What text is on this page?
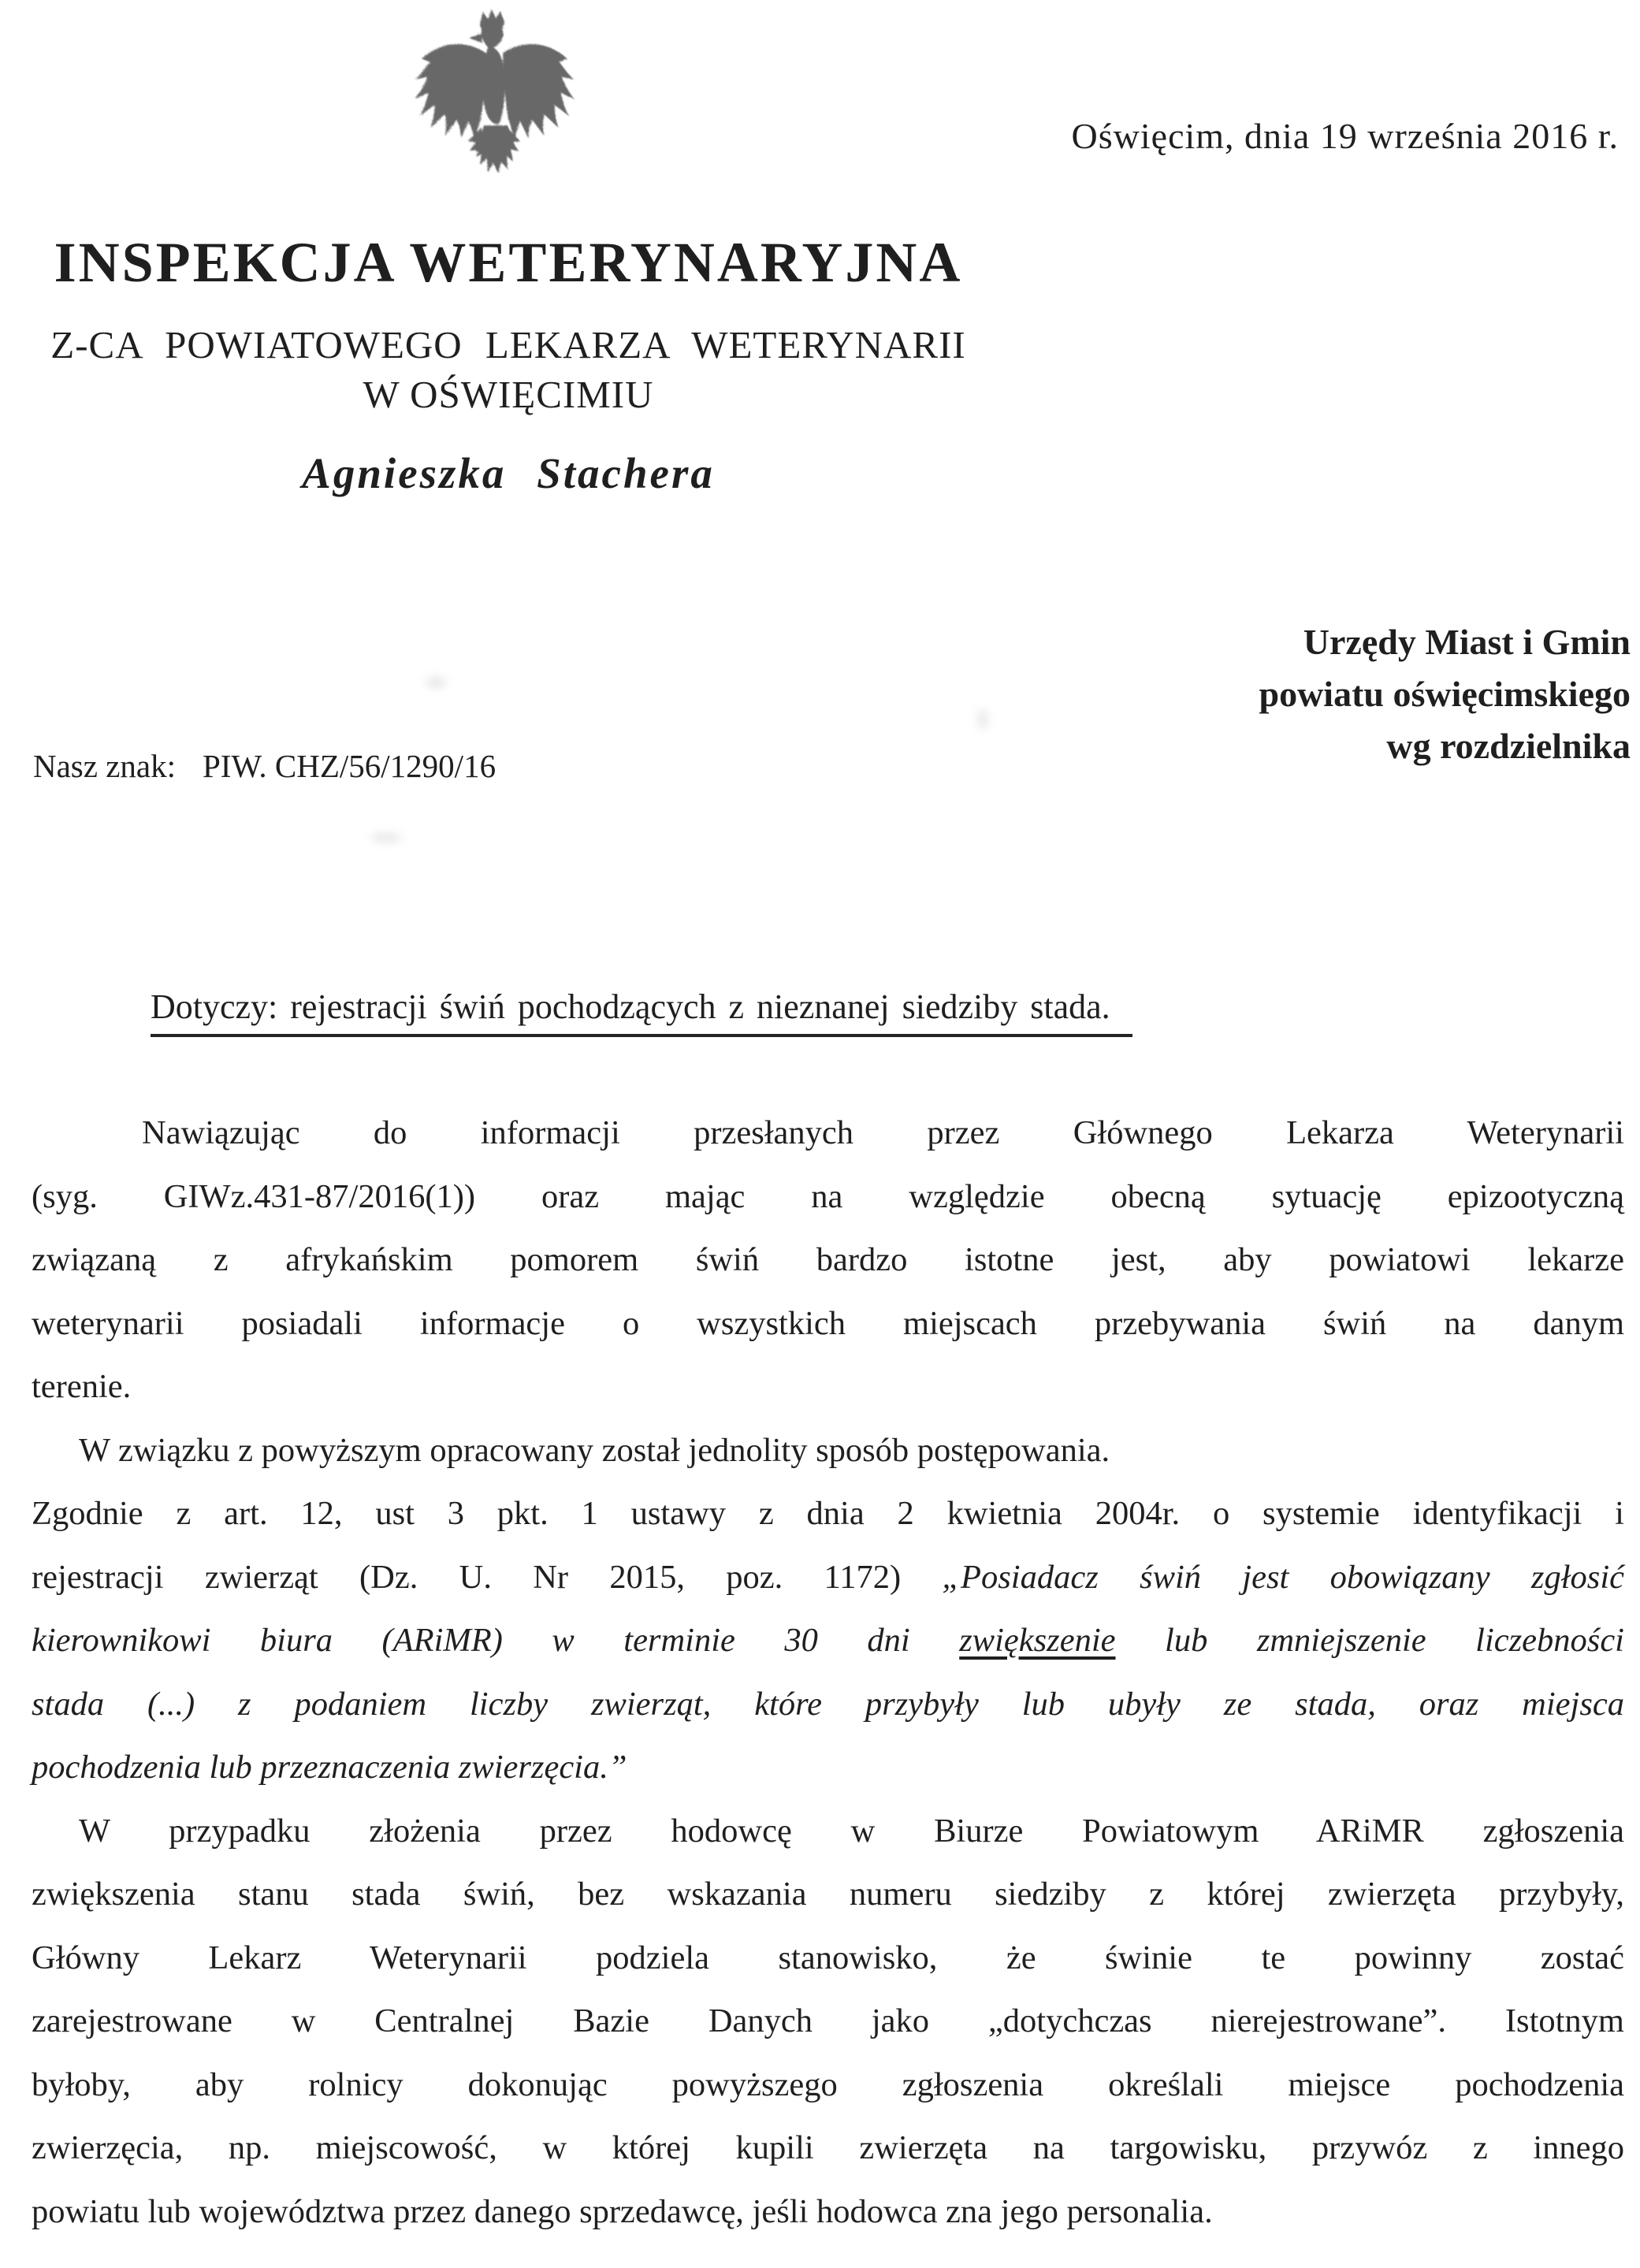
Oświęcim, dnia 19 września 2016 r.
INSPEKCJA WETERYNARYJNA
Z-CA POWIATOWEGO LEKARZA WETERYNARII
W OŚWIĘCIMIU
Agnieszka Stachera
Urzędy Miast i Gmin
powiatu oświęcimskiego
wg rozdzielnika
Nasz znak: PIW. CHZ/56/1290/16
Dotyczy: rejestracji świń pochodzących z nieznanej siedziby stada.
Nawiązując do informacji przesłanych przez Głównego Lekarza Weterynarii
(syg. GIWz.431-87/2016(1)) oraz mając na względzie obecną sytuację epizootyczną
związaną z afrykańskim pomorem świń bardzo istotne jest, aby powiatowi lekarze
weterynarii posiadali informacje o wszystkich miejscach przebywania świń na danym
terenie.
W związku z powyższym opracowany został jednolity sposób postępowania.
Zgodnie z art. 12, ust 3 pkt. 1 ustawy z dnia 2 kwietnia 2004r. o systemie identyfikacji i
rejestracji zwierząt (Dz. U. Nr 2015, poz. 1172) „Posiadacz świń jest obowiązany zgłosić
kierownikowi biura (ARiMR) w terminie 30 dni zwiększenie lub zmniejszenie liczebności
stada (...) z podaniem liczby zwierząt, które przybyły lub ubyły ze stada, oraz miejsca
pochodzenia lub przeznaczenia zwierzęcia.”
W przypadku złożenia przez hodowcę w Biurze Powiatowym ARiMR zgłoszenia
zwiększenia stanu stada świń, bez wskazania numeru siedziby z której zwierzęta przybyły,
Główny Lekarz Weterynarii podziela stanowisko, że świnie te powinny zostać
zarejestrowane w Centralnej Bazie Danych jako „dotychczas nierejestrowane”. Istotnym
byłoby, aby rolnicy dokonując powyższego zgłoszenia określali miejsce pochodzenia
zwierzęcia, np. miejscowość, w której kupili zwierzęta na targowisku, przywóz z innego
powiatu lub województwa przez danego sprzedawcę, jeśli hodowca zna jego personalia.
